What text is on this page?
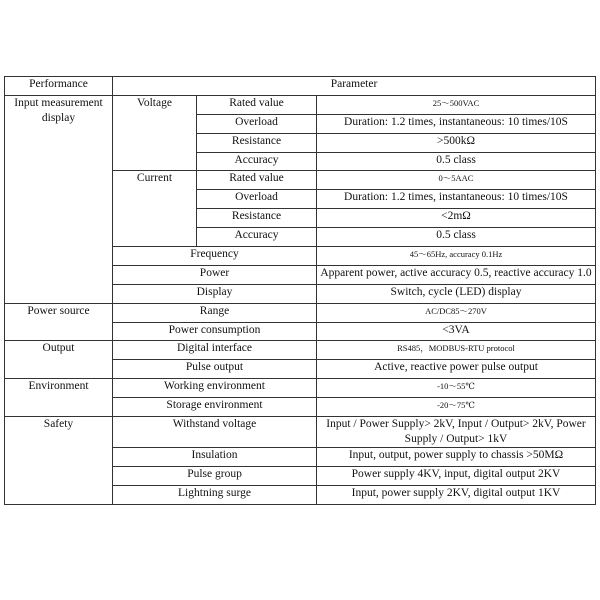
Performance	Parameter		
Input measurement display	Voltage	Rated value	25～500VAC
		Overload	Duration: 1.2 times, instantaneous: 10 times/10S
		Resistance	>500kΩ
		Accuracy	0.5 class
	Current	Rated value	0～5AAC
		Overload	Duration: 1.2 times, instantaneous: 10 times/10S
		Resistance	<2mΩ
		Accuracy	0.5 class
	Frequency		45～65Hz, accuracy 0.1Hz
	Power		Apparent power, active accuracy 0.5, reactive accuracy 1.0
	Display		Switch, cycle (LED) display
Power source	Range		AC/DC85～270V
	Power consumption		<3VA
Output	Digital interface		RS485，MODBUS-RTU protocol
	Pulse output		Active, reactive power pulse output
Environment	Working environment		-10～55℃
	Storage environment		-20～75℃
Safety	Withstand voltage		Input / Power Supply> 2kV, Input / Output> 2kV, Power Supply / Output> 1kV
	Insulation		Input, output, power supply to chassis >50MΩ
	Pulse group		Power supply 4KV, input, digital output 2KV
	Lightning surge		Input, power supply 2KV, digital output 1KV
